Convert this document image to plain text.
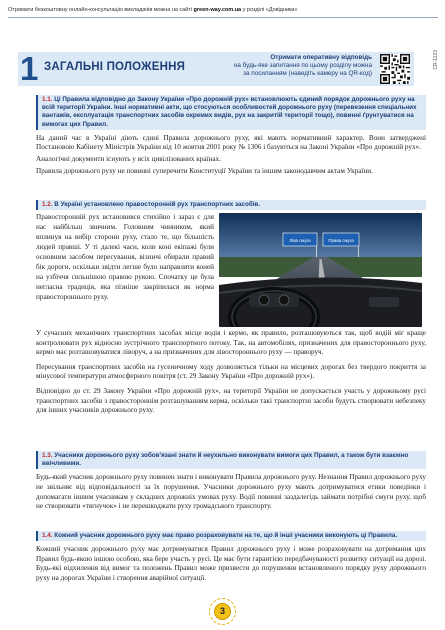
Отримати безкоштовну онлайн-консультацію викладачів можна на сайті green-way.com.ua у розділі «Довідники»
1 ЗАГАЛЬНІ ПОЛОЖЕННЯ
Отримати оперативну відповідь
на будь-яке запитання по цьому розділу можна
за посиланням (наведіть камеру на QR-код)
CR-1123
1.1. Ці Правила відповідно до Закону України «Про дорожній рух» встановлюють єдиний порядок дорожнього руху на всій території України. Інші нормативні акти, що стосуються особливостей дорожнього руху (перевезення спеціальних вантажів, експлуатація транспортних засобів окремих видів, рух на закритій території тощо), повинні ґрунтуватися на вимогах цих Правил.

На даний час в Україні діють єдині Правила дорожнього руху, які мають нормативний характер. Вони затверджені Постановою Кабінету Міністрів України від 10 жовтня 2001 року № 1306 і базуються на Законі України «Про дорожній рух».

Аналогічні документи існують у всіх цивілізованих країнах.

Правила дорожнього руху не повинні суперечити Конституції України та іншим законодавчим актам України.

1.2. В Україні установлено правосторонній рух транспортних засобів.

Правосторонній рух встановився стихійно і зараз є для нас найбільш звичним. Головним чинником, який вплинув на вибір сторони руху, стало те, що більшість людей правші. У ті далекі часи, коли коні екіпажі були основним засобом пересування, візничі обирали правий бік дороги, оскільки звідти легше було направляти коней на узбіччя сильнішою правою рукою. Спочатку це була негласна традиція, яка пізніше закріпилася як норма правостороннього руху.

Ліва смуга	Права смуга

У сучасних механічних транспортних засобах місце водія і кермо, як правило, розташовуються так, щоб водій міг краще контролювати рух відносно зустрічного транспортного потоку. Так, на автомобілях, призначених для правостороннього руху, кермо має розташовуватися ліворуч, а на призначених для лівостороннього руху — праворуч.

Пересування транспортних засобів на гусеничному ходу дозволяється тільки на місцевих дорогах без твердого покриття за мінусової температури атмосферного повітря (ст. 29 Закону України «Про дорожній рух»).

Відповідно до ст. 29 Закону України «Про дорожній рух», на території України не допускається участь у дорожньому русі транспортних засобів з правостороннім розташуванням керма, оскільки такі транспортні засоби будуть створювати небезпеку для інших учасників дорожнього руху.

1.3. Учасники дорожнього руху зобов'язані знати й неухильно виконувати вимоги цих Правил, а також бути взаємно ввічливими.

Будь-який учасник дорожнього руху повинен знати і виконувати Правила дорожнього руху. Незнання Правил дорожнього руху не звільняє від відповідальності за їх порушення. Учасники дорожнього руху мають дотримуватися етики поведінки і допомагати іншим учасникам у складних дорожніх умовах руху. Водії повинні заздалегідь займати потрібні смуги руху, щоб не створювати «тягнучок» і не перешкоджати руху громадського транспорту.

1.4. Кожний учасник дорожнього руху має право розраховувати на те, що й інші учасники виконують ці Правила.

Кожний учасник дорожнього руху має дотримуватися Правил дорожнього руху і може розраховувати на дотримання цих Правил будь-якою іншою особою, яка бере участь у русі. Це має бути гарантією передбачуваності розвитку ситуації на дорозі. Будь-які відхилення від вимог та положень Правил може призвести до порушення встановленого порядку руху дорожнього руху на дорогах України і створення аварійної ситуації.

3
